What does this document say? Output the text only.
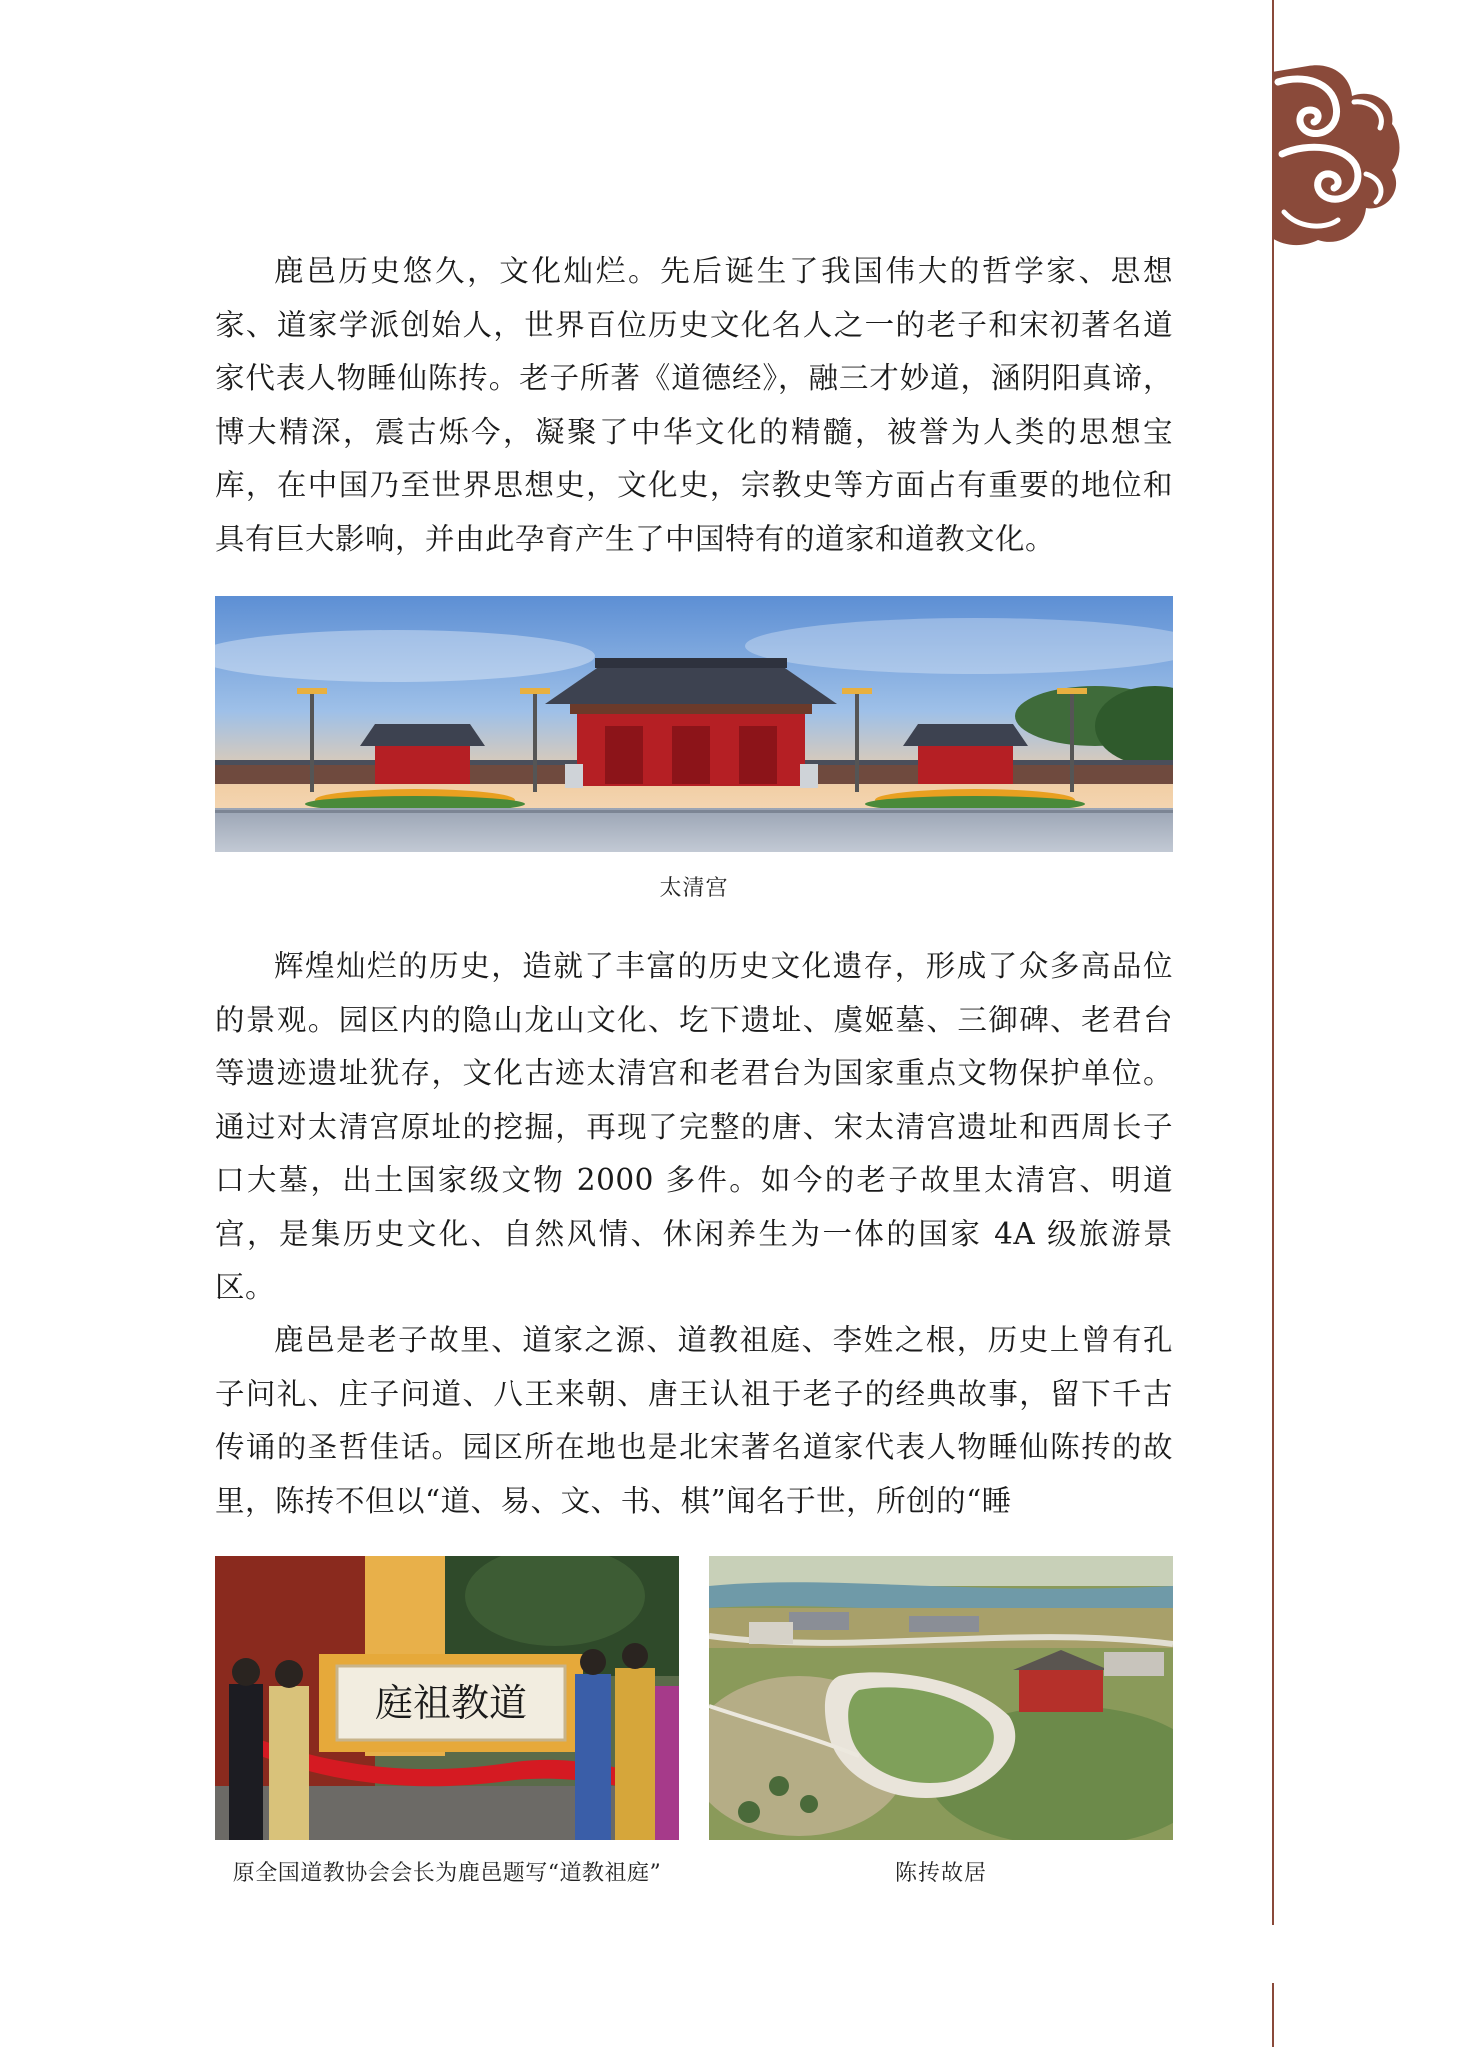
鹿邑历史悠久，文化灿烂。先后诞生了我国伟大的哲学家、思想家、道家学派创始人，世界百位历史文化名人之一的老子和宋初著名道家代表人物睡仙陈抟。老子所著《道德经》，融三才妙道，涵阴阳真谛，博大精深，震古烁今，凝聚了中华文化的精髓，被誉为人类的思想宝库，在中国乃至世界思想史，文化史，宗教史等方面占有重要的地位和具有巨大影响，并由此孕育产生了中国特有的道家和道教文化。

太清宫

辉煌灿烂的历史，造就了丰富的历史文化遗存，形成了众多高品位的景观。园区内的隐山龙山文化、圪下遗址、虞姬墓、三御碑、老君台等遗迹遗址犹存，文化古迹太清宫和老君台为国家重点文物保护单位。通过对太清宫原址的挖掘，再现了完整的唐、宋太清宫遗址和西周长子口大墓，出土国家级文物 2000 多件。如今的老子故里太清宫、明道宫，是集历史文化、自然风情、休闲养生为一体的国家 4A 级旅游景区。

鹿邑是老子故里、道家之源、道教祖庭、李姓之根，历史上曾有孔子问礼、庄子问道、八王来朝、唐王认祖于老子的经典故事，留下千古传诵的圣哲佳话。园区所在地也是北宋著名道家代表人物睡仙陈抟的故里，陈抟不但以“道、易、文、书、棋”闻名于世，所创的“睡

庭祖教道

原全国道教协会会长为鹿邑题写“道教祖庭”	陈抟故居
